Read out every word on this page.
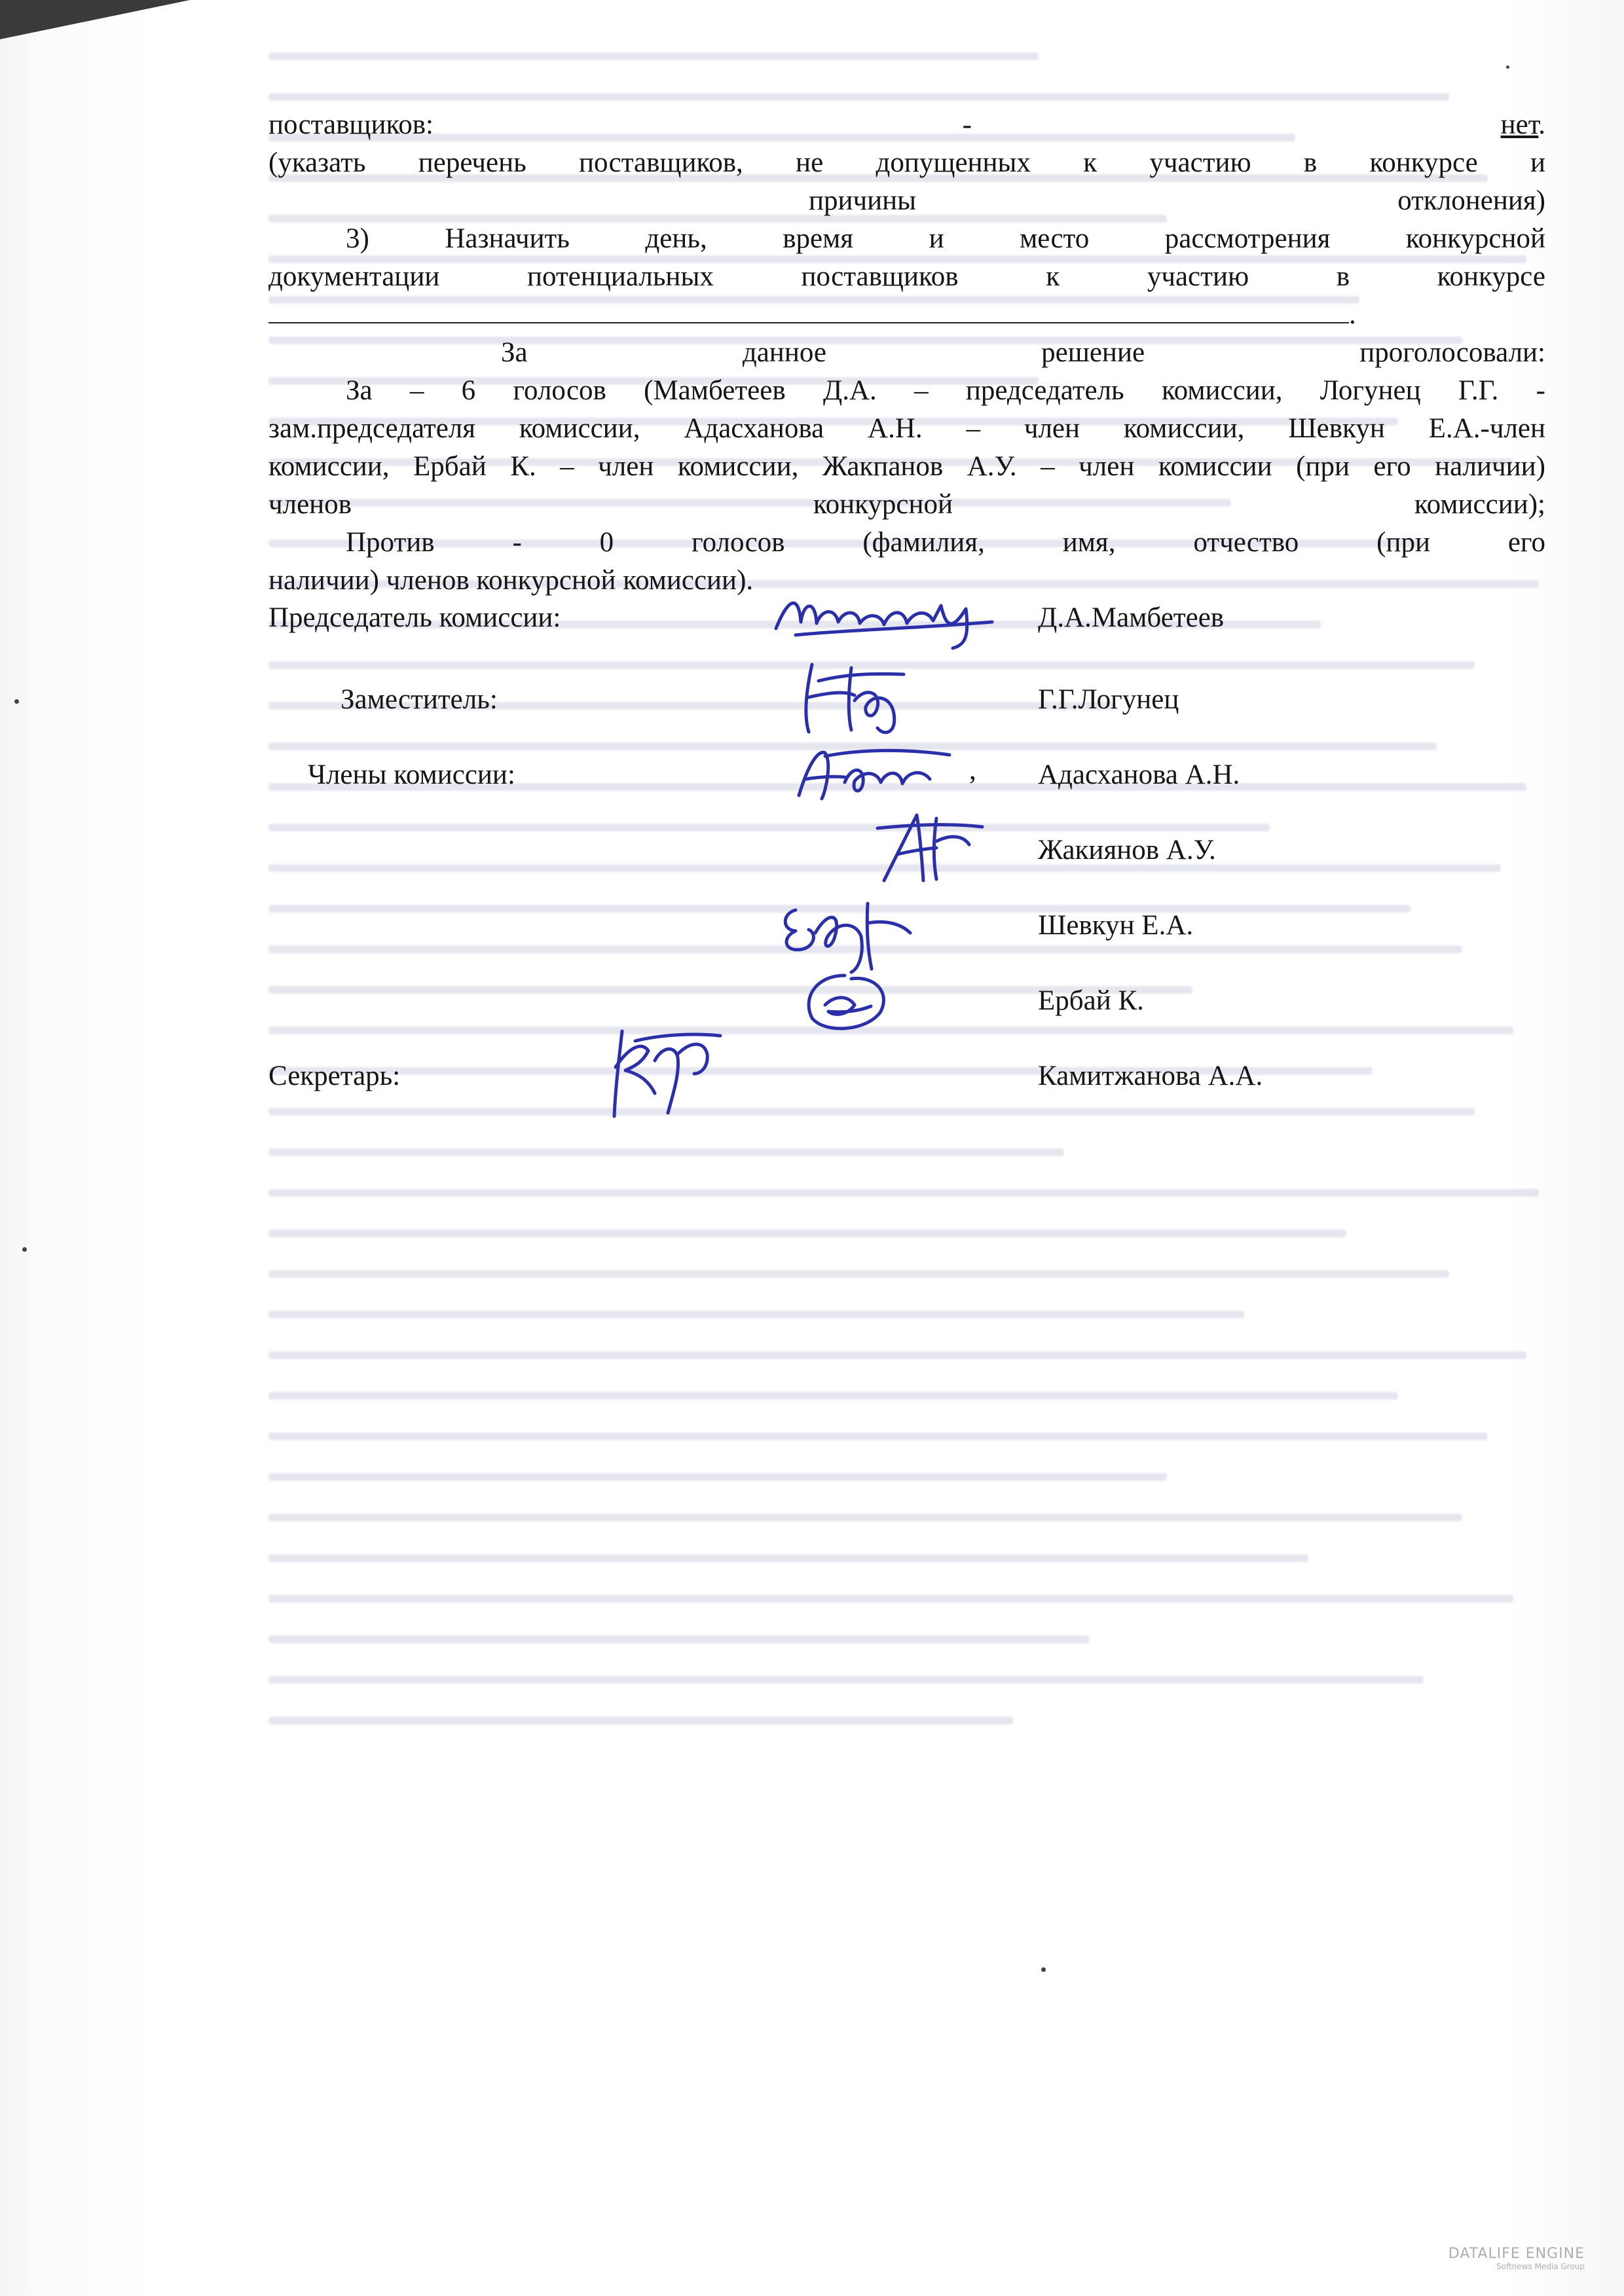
поставщиков:	-	нет.
(указать перечень поставщиков, не допущенных к участию в конкурсе и
причины отклонения)
3) Назначить день, время и место рассмотрения конкурсной
документации потенциальных поставщиков к участию в конкурсе
.
За данное решение проголосовали:
За – 6 голосов (Мамбетеев Д.А. – председатель комиссии, Логунец Г.Г. -
зам.председателя комиссии, Адасханова А.Н. – член комиссии, Шевкун Е.А.-член
комиссии, Ербай К. – член комиссии, Жакпанов А.У. – член комиссии (при его наличии)
членов конкурсной комиссии);
Против - 0 голосов (фамилия, имя, отчество (при его
наличии) членов конкурсной комиссии).
Председатель комиссии:	Д.А.Мамбетеев
Заместитель:	Г.Г.Логунец
Члены комиссии:	, Адасханова А.Н.
Жакиянов А.У.
Шевкун Е.А.
Ербай К.
Секретарь:	Камитжанова А.А.
DATALIFE ENGINE
Softnews Media Group
